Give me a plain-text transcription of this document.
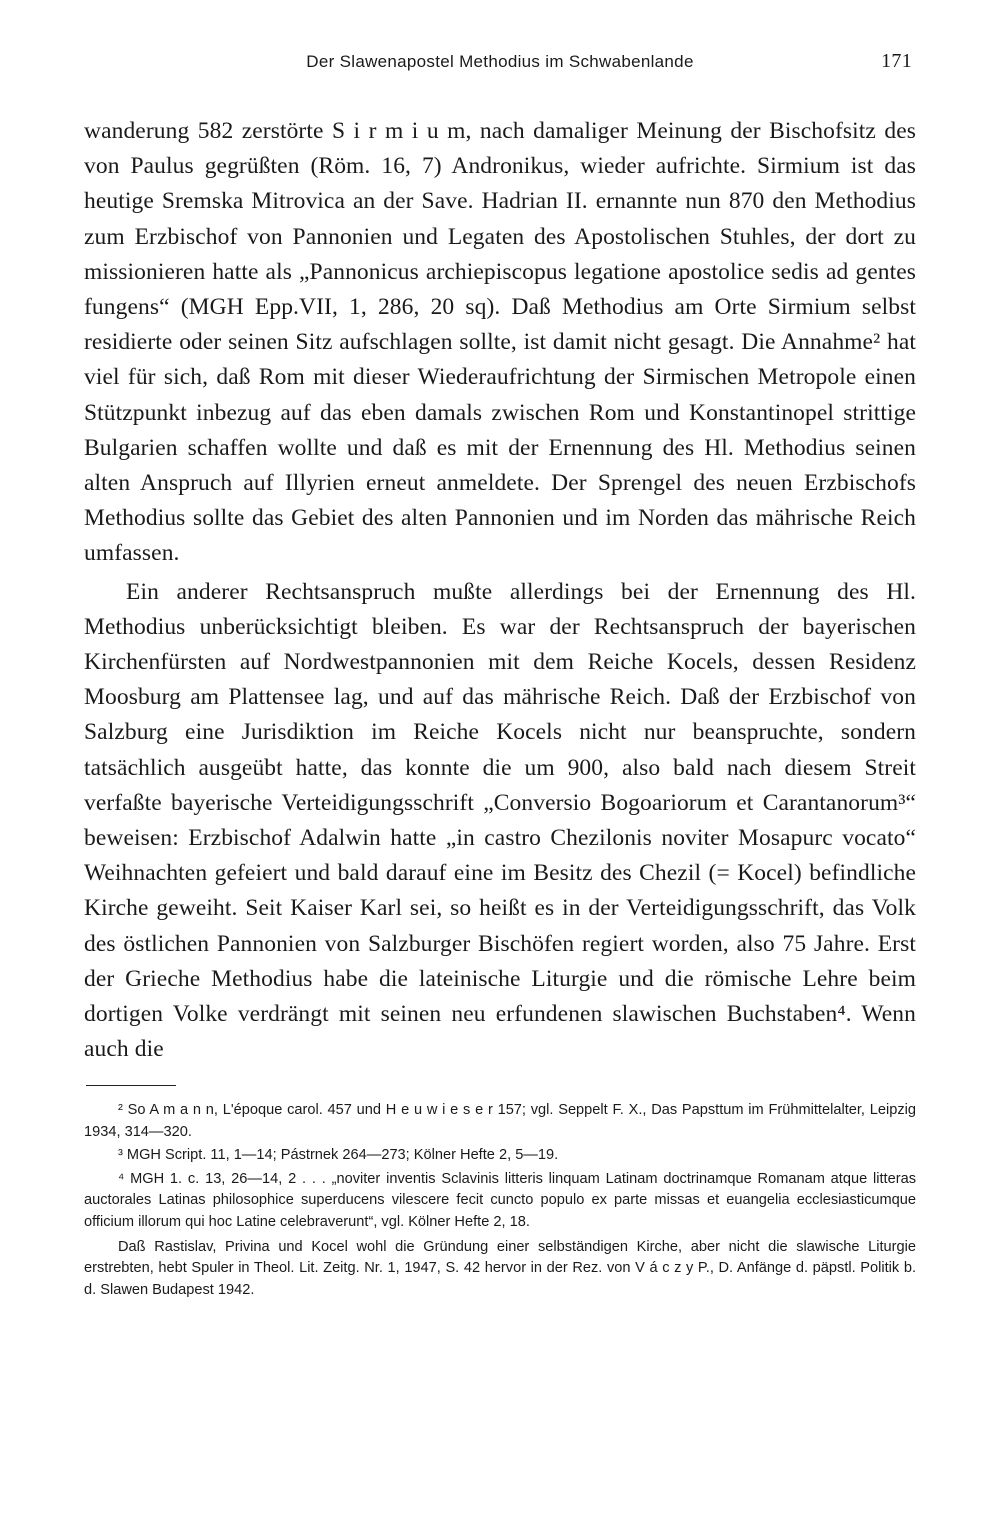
Der Slawenapostel Methodius im Schwabenlande	171

wanderung 582 zerstörte S i r m i u m, nach damaliger Meinung der Bischofsitz des von Paulus gegrüßten (Röm. 16, 7) Andronikus, wieder aufrichte. Sirmium ist das heutige Sremska Mitrovica an der Save. Hadrian II. ernannte nun 870 den Methodius zum Erzbischof von Pannonien und Legaten des Apostolischen Stuhles, der dort zu missionieren hatte als „Pannonicus archiepiscopus legatione apostolice sedis ad gentes fungens“ (MGH Epp.VII, 1, 286, 20 sq). Daß Methodius am Orte Sirmium selbst residierte oder seinen Sitz aufschlagen sollte, ist damit nicht gesagt. Die Annahme² hat viel für sich, daß Rom mit dieser Wiederaufrichtung der Sirmischen Metropole einen Stützpunkt inbezug auf das eben damals zwischen Rom und Konstantinopel strittige Bulgarien schaffen wollte und daß es mit der Ernennung des Hl. Methodius seinen alten Anspruch auf Illyrien erneut anmeldete. Der Sprengel des neuen Erzbischofs Methodius sollte das Gebiet des alten Pannonien und im Norden das mährische Reich umfassen.

Ein anderer Rechtsanspruch mußte allerdings bei der Ernennung des Hl. Methodius unberücksichtigt bleiben. Es war der Rechtsanspruch der bayerischen Kirchenfürsten auf Nordwestpannonien mit dem Reiche Kocels, dessen Residenz Moosburg am Plattensee lag, und auf das mährische Reich. Daß der Erzbischof von Salzburg eine Jurisdiktion im Reiche Kocels nicht nur beanspruchte, sondern tatsächlich ausgeübt hatte, das konnte die um 900, also bald nach diesem Streit verfaßte bayerische Verteidigungsschrift „Conversio Bogoariorum et Carantanorum³“ beweisen: Erzbischof Adalwin hatte „in castro Chezilonis noviter Mosapurc vocato“ Weihnachten gefeiert und bald darauf eine im Besitz des Chezil (= Kocel) befindliche Kirche geweiht. Seit Kaiser Karl sei, so heißt es in der Verteidigungsschrift, das Volk des östlichen Pannonien von Salzburger Bischöfen regiert worden, also 75 Jahre. Erst der Grieche Methodius habe die lateinische Liturgie und die römische Lehre beim dortigen Volke verdrängt mit seinen neu erfundenen slawischen Buchstaben⁴. Wenn auch die

² So A m a n n, L'époque carol. 457 und H e u w i e s e r 157; vgl. Seppelt F. X., Das Papsttum im Frühmittelalter, Leipzig 1934, 314—320.

³ MGH Script. 11, 1—14; Pástrnek 264—273; Kölner Hefte 2, 5—19.

⁴ MGH 1. c. 13, 26—14, 2 . . . „noviter inventis Sclavinis litteris linquam Latinam doctrinamque Romanam atque litteras auctorales Latinas philosophice superducens vilescere fecit cuncto populo ex parte missas et euangelia ecclesiasticumque officium illorum qui hoc Latine celebraverunt“, vgl. Kölner Hefte 2, 18.

Daß Rastislav, Privina und Kocel wohl die Gründung einer selbständigen Kirche, aber nicht die slawische Liturgie erstrebten, hebt Spuler in Theol. Lit. Zeitg. Nr. 1, 1947, S. 42 hervor in der Rez. von V á c z y P., D. Anfänge d. päpstl. Politik b. d. Slawen Budapest 1942.
